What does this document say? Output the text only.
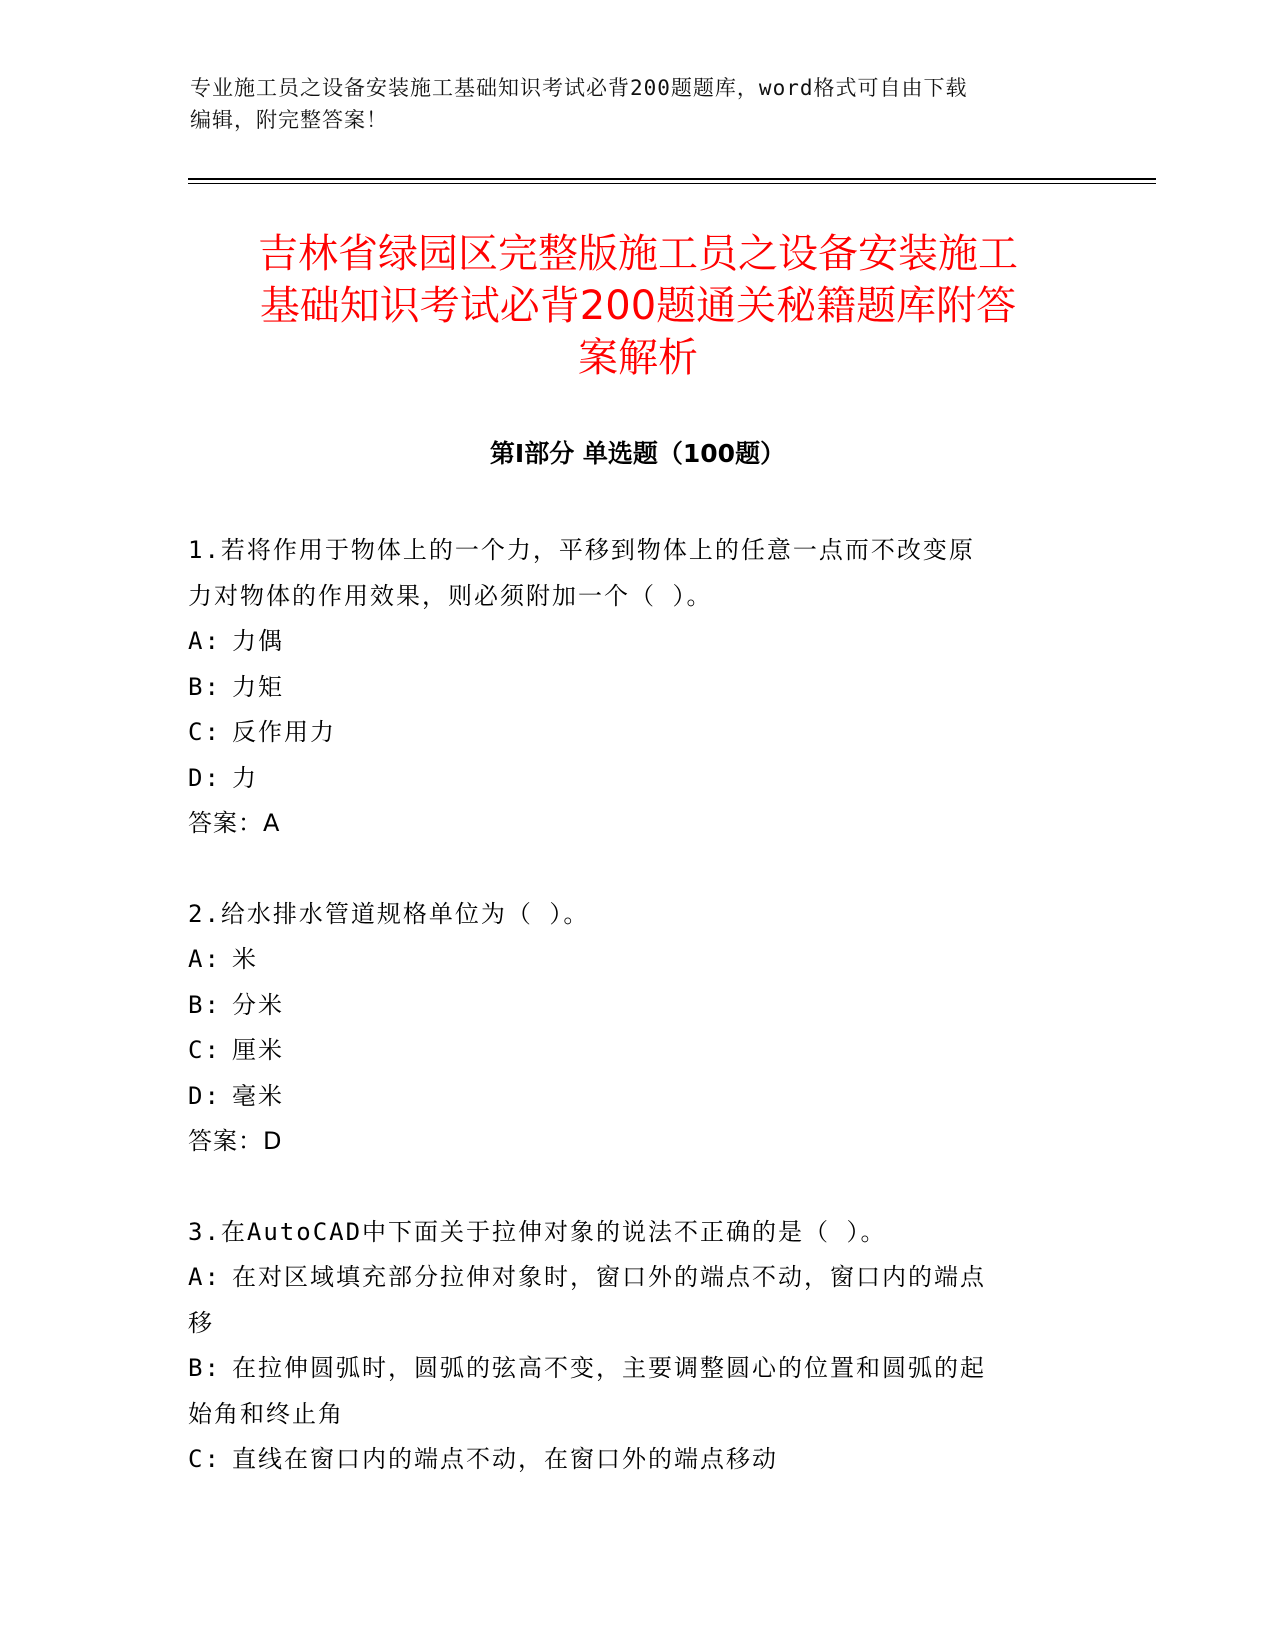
专业施工员之设备安装施工基础知识考试必背200题题库，word格式可自由下载
编辑，附完整答案！
吉林省绿园区完整版施工员之设备安装施工
基础知识考试必背200题通关秘籍题库附答
案解析
第Ⅰ部分 单选题（100题）
1.若将作用于物体上的一个力，平移到物体上的任意一点而不改变原
力对物体的作用效果，则必须附加一个（ ）。
A: 力偶
B: 力矩
C: 反作用力
D: 力
答案：A
2.给水排水管道规格单位为（ ）。
A: 米
B: 分米
C: 厘米
D: 毫米
答案：D
3.在AutoCAD中下面关于拉伸对象的说法不正确的是（ ）。
A: 在对区域填充部分拉伸对象时，窗口外的端点不动，窗口内的端点
移
B: 在拉伸圆弧时，圆弧的弦高不变，主要调整圆心的位置和圆弧的起
始角和终止角
C: 直线在窗口内的端点不动，在窗口外的端点移动
